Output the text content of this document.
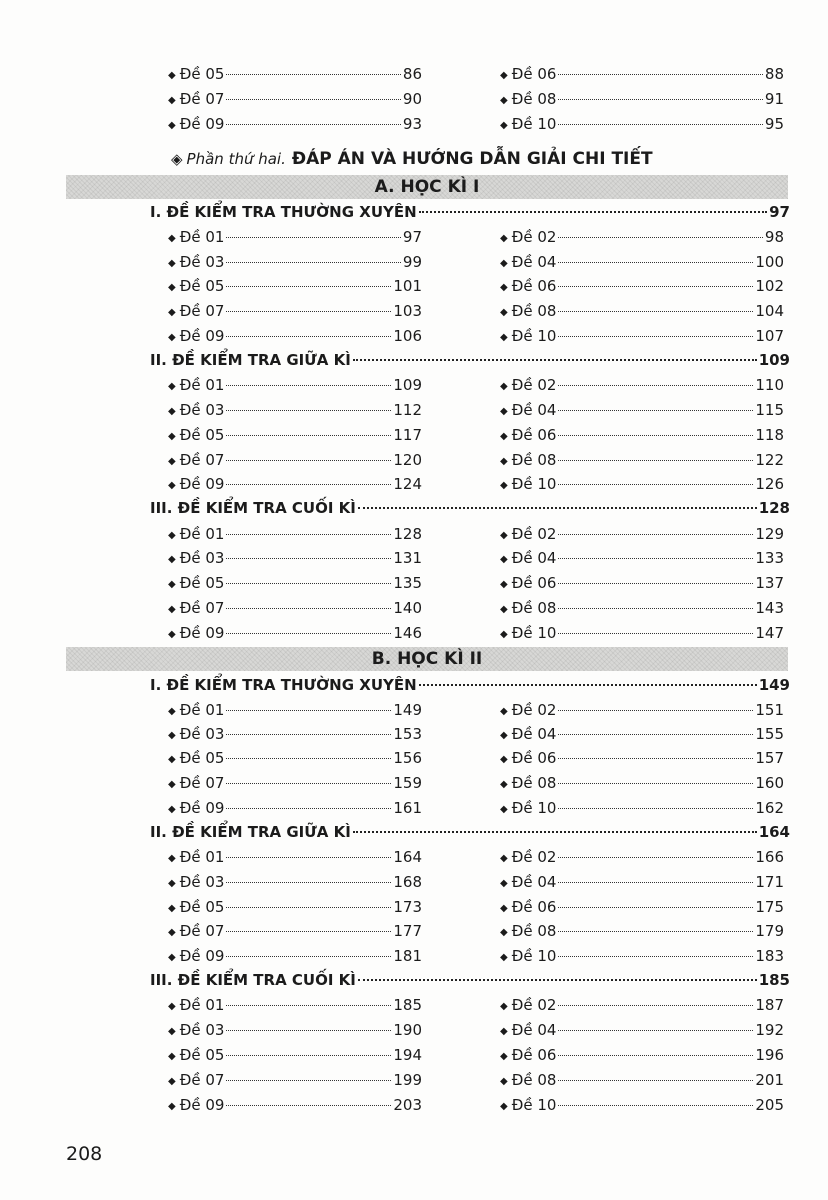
◈ Phần thứ hai. ĐÁP ÁN VÀ HƯỚNG DẪN GIẢI CHI TIẾT
208
◆ Đề 05	86	◆ Đề 06	88
◆ Đề 07	90	◆ Đề 08	91
◆ Đề 09	93	◆ Đề 10	95
A. HỌC KÌ I
I. ĐỀ KIỂM TRA THƯỜNG XUYÊN	97
◆ Đề 01	97	◆ Đề 02	98
◆ Đề 03	99	◆ Đề 04	100
◆ Đề 05	101	◆ Đề 06	102
◆ Đề 07	103	◆ Đề 08	104
◆ Đề 09	106	◆ Đề 10	107
II. ĐỀ KIỂM TRA GIỮA KÌ	109
◆ Đề 01	109	◆ Đề 02	110
◆ Đề 03	112	◆ Đề 04	115
◆ Đề 05	117	◆ Đề 06	118
◆ Đề 07	120	◆ Đề 08	122
◆ Đề 09	124	◆ Đề 10	126
III. ĐỀ KIỂM TRA CUỐI KÌ	128
◆ Đề 01	128	◆ Đề 02	129
◆ Đề 03	131	◆ Đề 04	133
◆ Đề 05	135	◆ Đề 06	137
◆ Đề 07	140	◆ Đề 08	143
◆ Đề 09	146	◆ Đề 10	147
B. HỌC KÌ II
I. ĐỀ KIỂM TRA THƯỜNG XUYÊN	149
◆ Đề 01	149	◆ Đề 02	151
◆ Đề 03	153	◆ Đề 04	155
◆ Đề 05	156	◆ Đề 06	157
◆ Đề 07	159	◆ Đề 08	160
◆ Đề 09	161	◆ Đề 10	162
II. ĐỀ KIỂM TRA GIỮA KÌ	164
◆ Đề 01	164	◆ Đề 02	166
◆ Đề 03	168	◆ Đề 04	171
◆ Đề 05	173	◆ Đề 06	175
◆ Đề 07	177	◆ Đề 08	179
◆ Đề 09	181	◆ Đề 10	183
III. ĐỀ KIỂM TRA CUỐI KÌ	185
◆ Đề 01	185	◆ Đề 02	187
◆ Đề 03	190	◆ Đề 04	192
◆ Đề 05	194	◆ Đề 06	196
◆ Đề 07	199	◆ Đề 08	201
◆ Đề 09	203	◆ Đề 10	205
